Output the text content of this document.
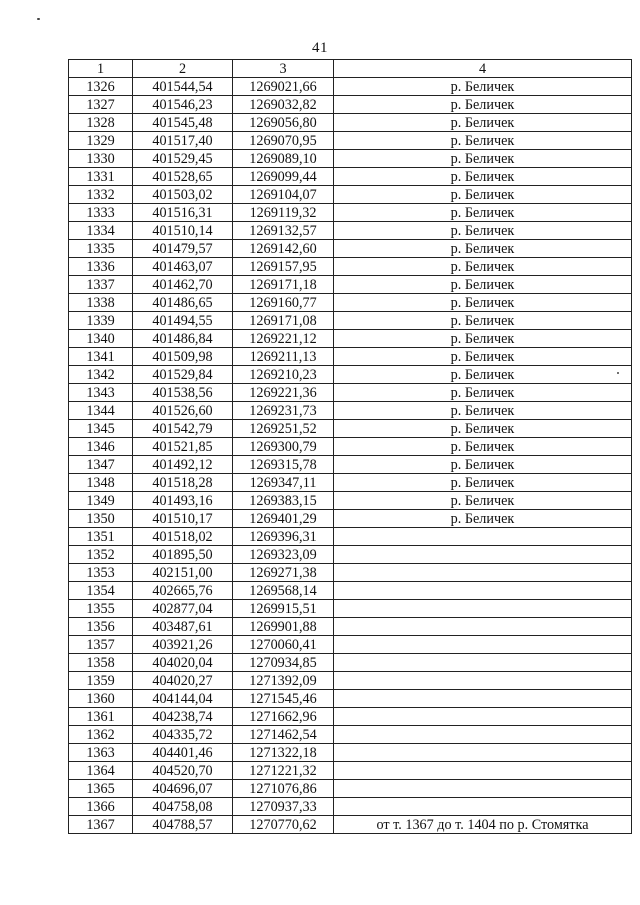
41
1	2	3	4
1326	401544,54	1269021,66	р. Беличек
1327	401546,23	1269032,82	р. Беличек
1328	401545,48	1269056,80	р. Беличек
1329	401517,40	1269070,95	р. Беличек
1330	401529,45	1269089,10	р. Беличек
1331	401528,65	1269099,44	р. Беличек
1332	401503,02	1269104,07	р. Беличек
1333	401516,31	1269119,32	р. Беличек
1334	401510,14	1269132,57	р. Беличек
1335	401479,57	1269142,60	р. Беличек
1336	401463,07	1269157,95	р. Беличек
1337	401462,70	1269171,18	р. Беличек
1338	401486,65	1269160,77	р. Беличек
1339	401494,55	1269171,08	р. Беличек
1340	401486,84	1269221,12	р. Беличек
1341	401509,98	1269211,13	р. Беличек
1342	401529,84	1269210,23	р. Беличек
1343	401538,56	1269221,36	р. Беличек
1344	401526,60	1269231,73	р. Беличек
1345	401542,79	1269251,52	р. Беличек
1346	401521,85	1269300,79	р. Беличек
1347	401492,12	1269315,78	р. Беличек
1348	401518,28	1269347,11	р. Беличек
1349	401493,16	1269383,15	р. Беличек
1350	401510,17	1269401,29	р. Беличек
1351	401518,02	1269396,31	
1352	401895,50	1269323,09	
1353	402151,00	1269271,38	
1354	402665,76	1269568,14	
1355	402877,04	1269915,51	
1356	403487,61	1269901,88	
1357	403921,26	1270060,41	
1358	404020,04	1270934,85	
1359	404020,27	1271392,09	
1360	404144,04	1271545,46	
1361	404238,74	1271662,96	
1362	404335,72	1271462,54	
1363	404401,46	1271322,18	
1364	404520,70	1271221,32	
1365	404696,07	1271076,86	
1366	404758,08	1270937,33	
1367	404788,57	1270770,62	от т. 1367 до т. 1404 по р. Стомятка
